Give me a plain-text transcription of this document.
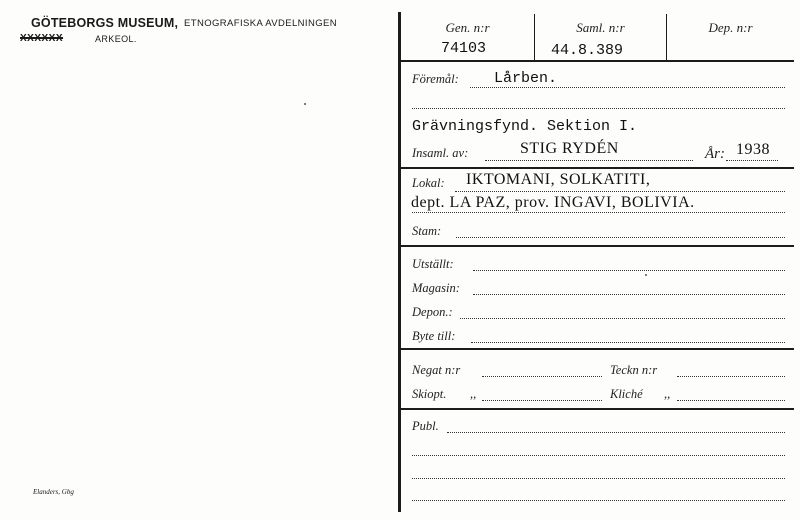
GÖTEBORGS MUSEUM, ETNOGRAFISKA AVDELNINGEN
XXXXXX	ARKEOL.
Elanders, Gbg
Gen. n:r	Saml. n:r	Dep. n:r
74103	44.8.389
Föremål: Lårben.
Grävningsfynd. Sektion I.
Insaml. av:	STIG RYDÉN	År: 1938
Lokal: IKTOMANI, SOLKATITI,
dept. LA PAZ, prov. INGAVI, BOLIVIA.
Stam:
Utställt:
Magasin:
Depon.:
Byte till:
Negat n:r	Teckn n:r
Skiopt. ,,	Kliché ,,
Publ.
